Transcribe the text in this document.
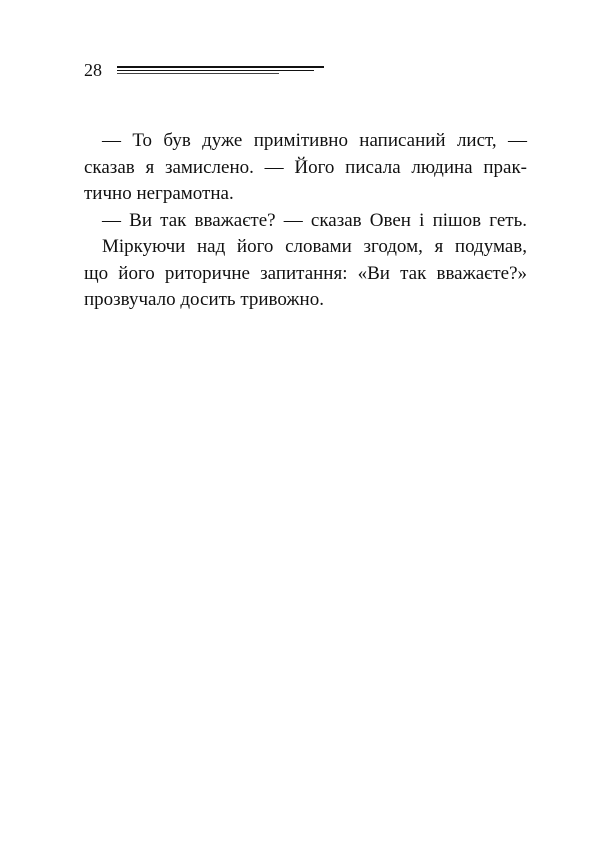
28

— То був дуже примітивно написаний лист, —
сказав я замислено. — Його писала людина прак-
тично неграмотна.

— Ви так вважаєте? — сказав Овен і пішов геть.

Міркуючи над його словами згодом, я подумав,
що його риторичне запитання: «Ви так вважаєте?»
прозвучало досить тривожно.
